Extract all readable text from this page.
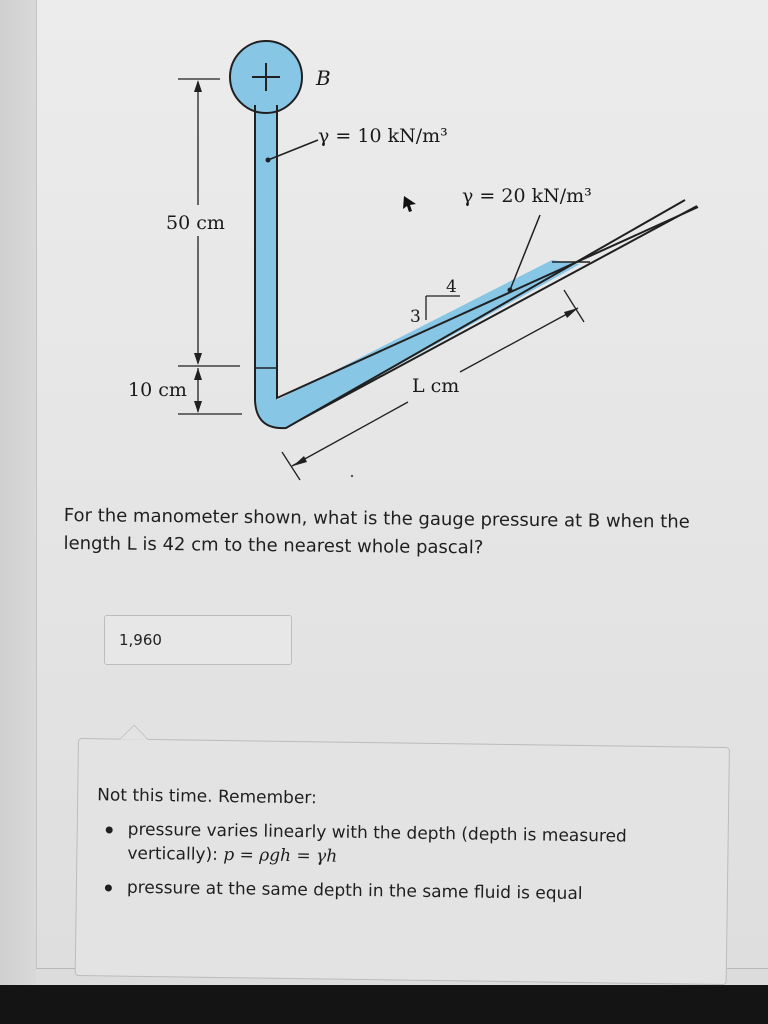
B
γ = 10 kN/m³
γ = 20 kN/m³
50 cm
10 cm
4
3
L cm
For the manometer shown, what is the gauge pressure at B when the length L is 42 cm to the nearest whole pascal?
1,960
Not this time. Remember:
pressure varies linearly with the depth (depth is measured vertically): p = ρgh = γh
pressure at the same depth in the same fluid is equal
